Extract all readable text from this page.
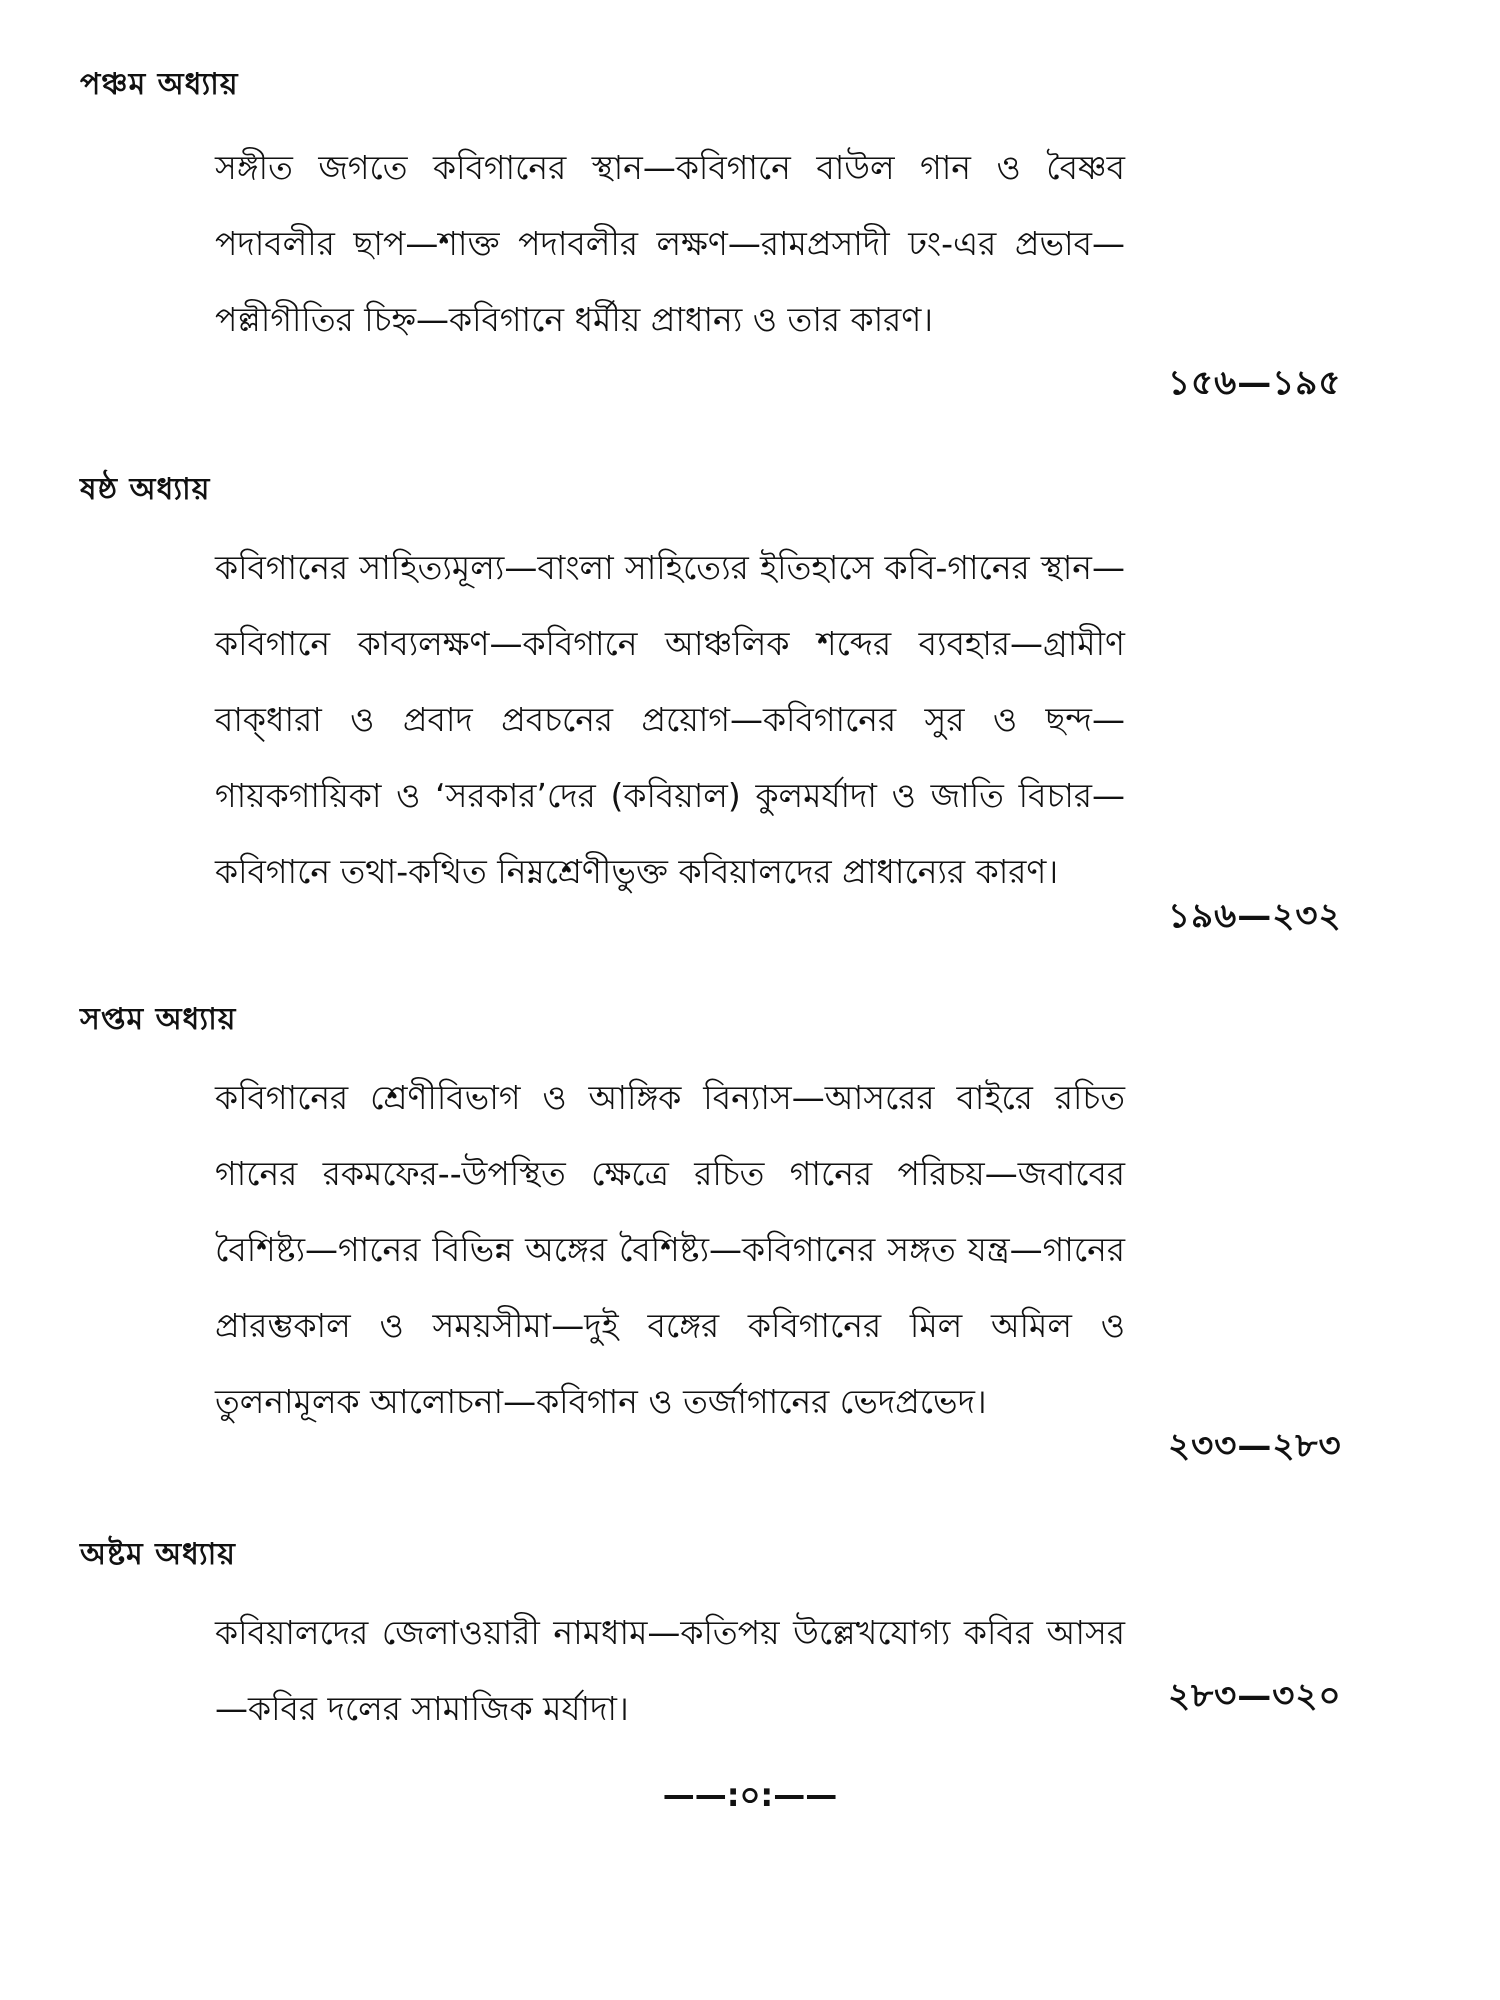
পঞ্চম অধ্যায়

সঙ্গীত জগতে কবিগানের স্থান—কবিগানে বাউল গান ও বৈষ্ণব পদাবলীর ছাপ—শাক্ত পদাবলীর লক্ষণ—রামপ্রসাদী ঢং-এর প্রভাব—পল্লীগীতির চিহ্ন—কবিগানে ধর্মীয় প্রাধান্য ও তার কারণ।

১৫৬—১৯৫
ষষ্ঠ অধ্যায়

কবিগানের সাহিত্যমূল্য—বাংলা সাহিত্যের ইতিহাসে কবি-গানের স্থান—কবিগানে কাব্যলক্ষণ—কবিগানে আঞ্চলিক শব্দের ব্যবহার—গ্রামীণ বাক্‌ধারা ও প্রবাদ প্রবচনের প্রয়োগ—কবিগানের সুর ও ছন্দ—গায়কগায়িকা ও ‘সরকার’দের (কবিয়াল) কুলমর্যাদা ও জাতি বিচার—কবিগানে তথা-কথিত নিম্নশ্রেণীভুক্ত কবিয়ালদের প্রাধান্যের কারণ।

১৯৬—২৩২
সপ্তম অধ্যায়

কবিগানের শ্রেণীবিভাগ ও আঙ্গিক বিন্যাস—আসরের বাইরে রচিত গানের রকমফের--উপস্থিত ক্ষেত্রে রচিত গানের পরিচয়—জবাবের বৈশিষ্ট্য—গানের বিভিন্ন অঙ্গের বৈশিষ্ট্য—কবিগানের সঙ্গত যন্ত্র—গানের প্রারম্ভকাল ও সময়সীমা—দুই বঙ্গের কবিগানের মিল অমিল ও তুলনামূলক আলোচনা—কবিগান ও তর্জাগানের ভেদপ্রভেদ।

২৩৩—২৮৩
অষ্টম অধ্যায়

কবিয়ালদের জেলাওয়ারী নামধাম—কতিপয় উল্লেখযোগ্য কবির আসর—কবির দলের সামাজিক মর্যাদা।	২৮৩—৩২০
——:০:——
